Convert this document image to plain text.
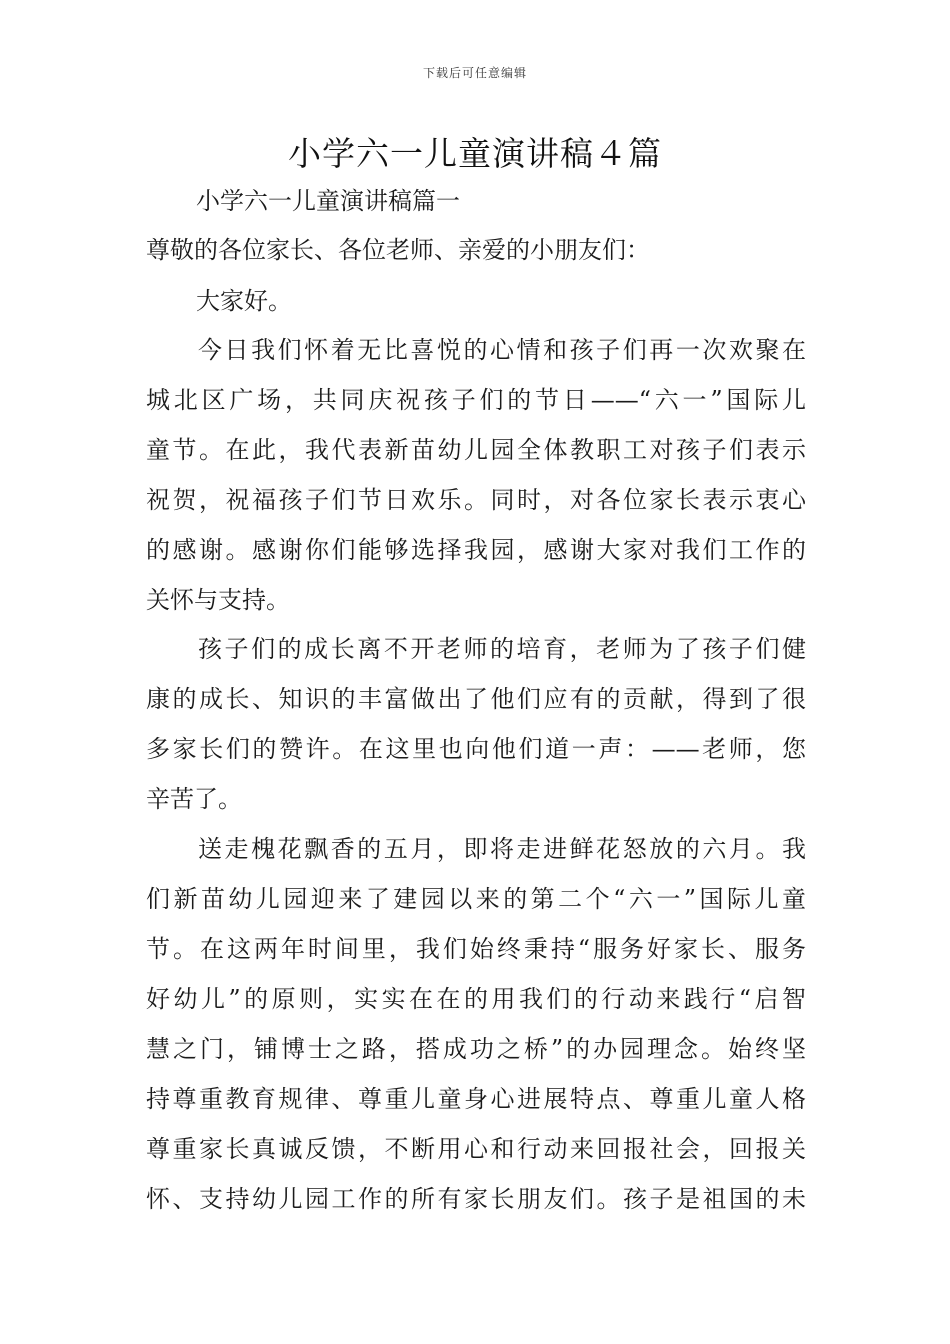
下载后可任意编辑
小学六一儿童演讲稿４篇

小学六一儿童演讲稿篇一

尊敬的各位家长、各位老师、亲爱的小朋友们：

大家好。

今日我们怀着无比喜悦的心情和孩子们再一次欢聚在
城北区广场，共同庆祝孩子们的节日——“六一”国际儿
童节。在此，我代表新苗幼儿园全体教职工对孩子们表示
祝贺，祝福孩子们节日欢乐。同时，对各位家长表示衷心
的感谢。感谢你们能够选择我园，感谢大家对我们工作的
关怀与支持。
孩子们的成长离不开老师的培育，老师为了孩子们健
康的成长、知识的丰富做出了他们应有的贡献，得到了很
多家长们的赞许。在这里也向他们道一声：——老师，您
辛苦了。
送走槐花飘香的五月，即将走进鲜花怒放的六月。我
们新苗幼儿园迎来了建园以来的第二个“六一”国际儿童
节。在这两年时间里，我们始终秉持“服务好家长、服务
好幼儿”的原则，实实在在的用我们的行动来践行“启智
慧之门，铺博士之路，搭成功之桥”的办园理念。始终坚
持尊重教育规律、尊重儿童身心进展特点、尊重儿童人格
尊重家长真诚反馈，不断用心和行动来回报社会，回报关
怀、支持幼儿园工作的所有家长朋友们。孩子是祖国的未
